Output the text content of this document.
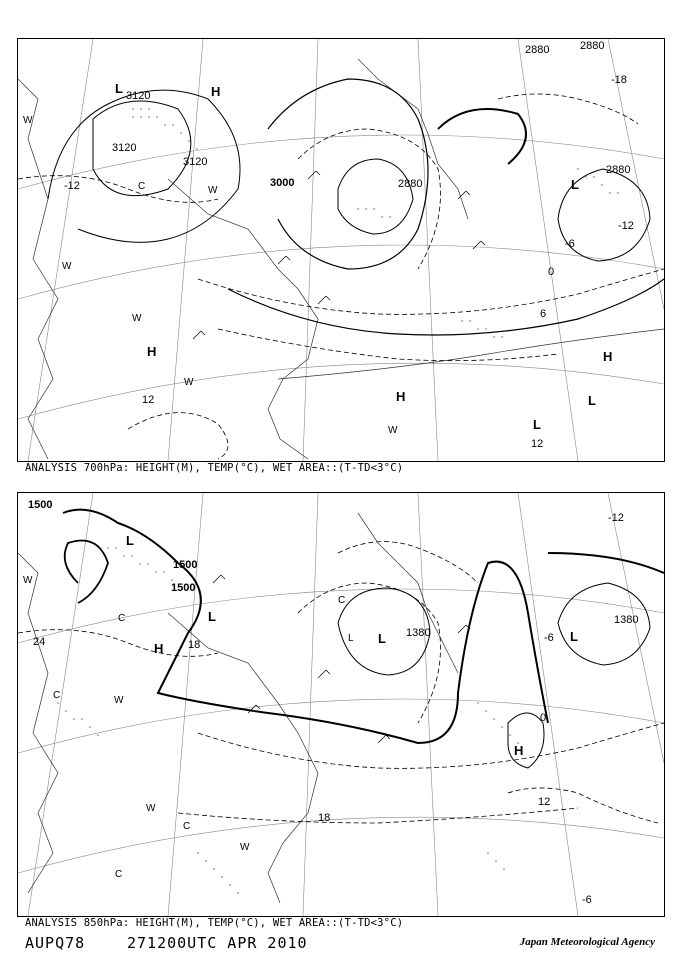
3120
3120
3120
3000	2880
2880	2880
2880
-12
-12
-6
0
6
12
-18
12
H
L
L
H
H	L
H
L
W
W
W
W
W
C
W
ANALYSIS 700hPa: HEIGHT(M), TEMP(°C), WET AREA::(T-TD<3°C)
1500
1500
1500
1380
1380
24	18
-12
-6
0
12
18
-6
L
L
H
L	L
H
L
C
C
C
W
W
W
C
W
C
ANALYSIS 850hPa: HEIGHT(M), TEMP(°C), WET AREA::(T-TD<3°C)
AUPQ78	271200UTC APR 2010	Japan Meteorological Agency
